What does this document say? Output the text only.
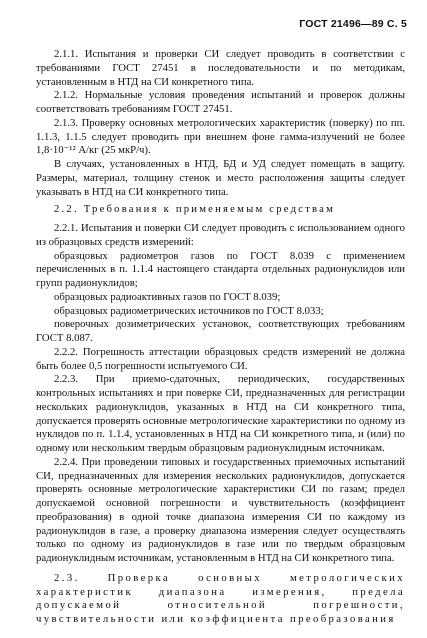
ГОСТ 21496—89 С. 5

2.1.1. Испытания и проверки СИ следует проводить в соответствии с требованиями ГОСТ 27451 в последовательности и по методикам, установленным в НТД на СИ конкретного типа.

2.1.2. Нормальные условия проведения испытаний и проверок должны соответствовать требованиям ГОСТ 27451.

2.1.3. Проверку основных метрологических характеристик (поверку) по пп. 1.1.3, 1.1.5 следует проводить при внешнем фоне гамма-излучений не более 1,8·10⁻¹² А/кг (25 мкР/ч).

В случаях, установленных в НТД, БД и УД следует помещать в защиту. Размеры, материал, толщину стенок и место расположения защиты следует указывать в НТД на СИ конкретного типа.

2.2. Требования к применяемым средствам

2.2.1. Испытания и поверки СИ следует проводить с использованием одного из образцовых средств измерений:

образцовых радиометров газов по ГОСТ 8.039 с применением перечисленных в п. 1.1.4 настоящего стандарта отдельных радионуклидов или групп радионуклидов;

образцовых радиоактивных газов по ГОСТ 8.039;

образцовых радиометрических источников по ГОСТ 8.033;

поверочных дозиметрических установок, соответствующих требованиям ГОСТ 8.087.

2.2.2. Погрешность аттестации образцовых средств измерений не должна быть более 0,5 погрешности испытуемого СИ.

2.2.3. При приемо-сдаточных, периодических, государственных контрольных испытаниях и при поверке СИ, предназначенных для регистрации нескольких радионуклидов, указанных в НТД на СИ конкретного типа, допускается проверять основные метрологические характеристики по одному из нуклидов по п. 1.1.4, установленных в НТД на СИ конкретного типа, и (или) по одному или нескольким твердым образцовым радионуклидным источникам.

2.2.4. При проведении типовых и государственных приемочных испытаний СИ, предназначенных для измерения нескольких радионуклидов, допускается проверять основные метрологические характеристики СИ по газам; предел допускаемой основной погрешности и чувствительность (коэффициент преобразования) в одной точке диапазона измерения СИ по каждому из радионуклидов в газе, а проверку диапазона измерения следует осуществлять только по одному из радионуклидов в газе или по твердым образцовым радионуклидным источникам, установленным в НТД на СИ конкретного типа.

2.3. Проверка основных метрологических характеристик диапазона измерения, предела допускаемой относительной погрешности, чувствительности или коэффициента преобразования
